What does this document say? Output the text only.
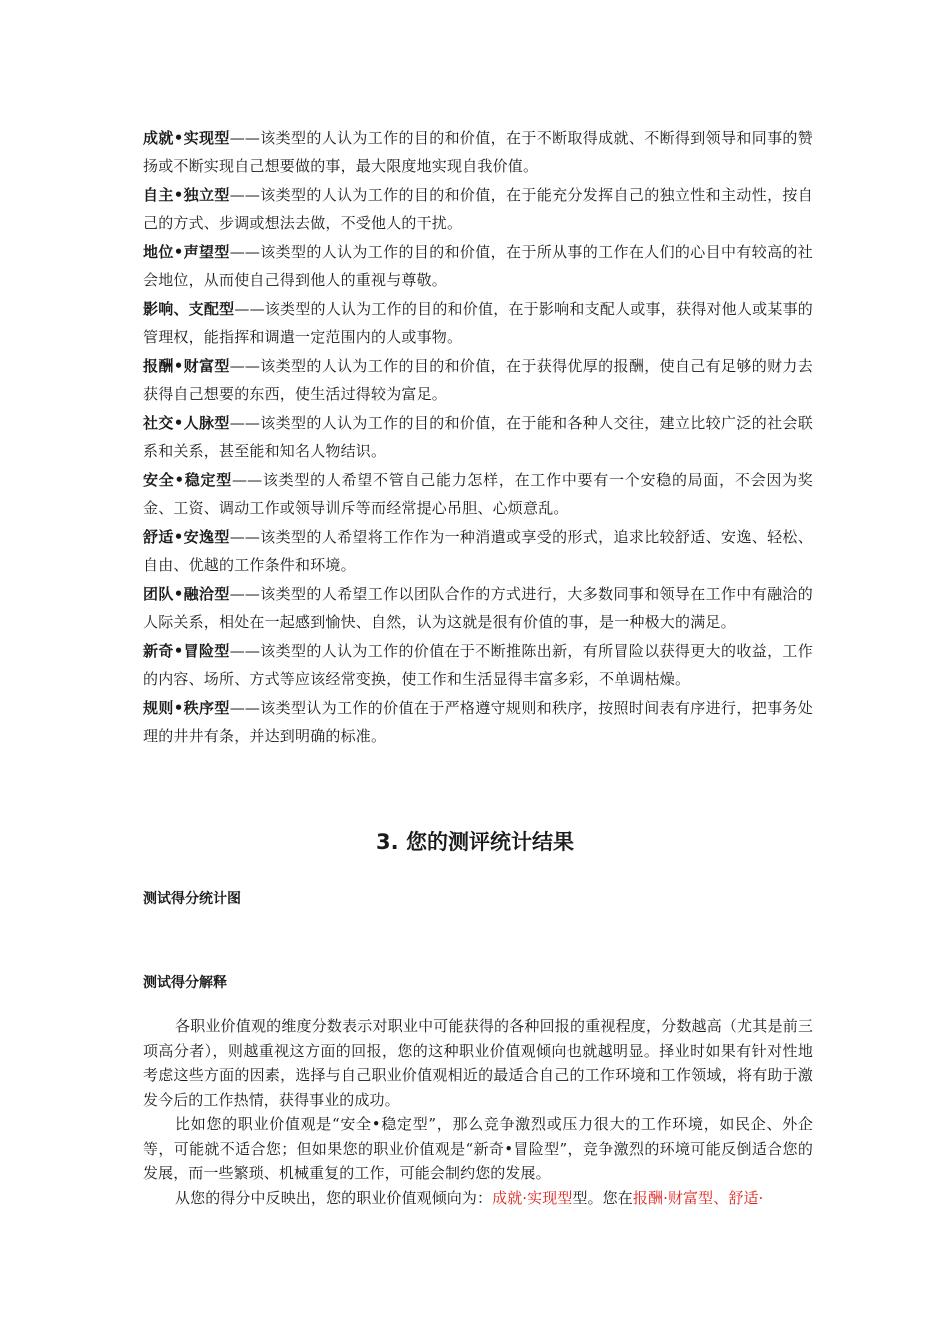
成就•实现型——该类型的人认为工作的目的和价值，在于不断取得成就、不断得到领导和同事的赞扬或不断实现自己想要做的事，最大限度地实现自我价值。

自主•独立型——该类型的人认为工作的目的和价值，在于能充分发挥自己的独立性和主动性，按自己的方式、步调或想法去做，不受他人的干扰。

地位•声望型——该类型的人认为工作的目的和价值，在于所从事的工作在人们的心目中有较高的社会地位，从而使自己得到他人的重视与尊敬。

影响、支配型——该类型的人认为工作的目的和价值，在于影响和支配人或事，获得对他人或某事的管理权，能指挥和调遣一定范围内的人或事物。

报酬•财富型——该类型的人认为工作的目的和价值，在于获得优厚的报酬，使自己有足够的财力去获得自己想要的东西，使生活过得较为富足。

社交•人脉型——该类型的人认为工作的目的和价值，在于能和各种人交往，建立比较广泛的社会联系和关系，甚至能和知名人物结识。

安全•稳定型——该类型的人希望不管自己能力怎样，在工作中要有一个安稳的局面，不会因为奖金、工资、调动工作或领导训斥等而经常提心吊胆、心烦意乱。

舒适•安逸型——该类型的人希望将工作作为一种消遣或享受的形式，追求比较舒适、安逸、轻松、自由、优越的工作条件和环境。

团队•融洽型——该类型的人希望工作以团队合作的方式进行，大多数同事和领导在工作中有融洽的人际关系，相处在一起感到愉快、自然，认为这就是很有价值的事，是一种极大的满足。

新奇•冒险型——该类型的人认为工作的价值在于不断推陈出新，有所冒险以获得更大的收益，工作的内容、场所、方式等应该经常变换，使工作和生活显得丰富多彩，不单调枯燥。

规则•秩序型——该类型认为工作的价值在于严格遵守规则和秩序，按照时间表有序进行，把事务处理的井井有条，并达到明确的标准。

3. 您的测评统计结果
测试得分统计图
测试得分解释

各职业价值观的维度分数表示对职业中可能获得的各种回报的重视程度，分数越高（尤其是前三项高分者），则越重视这方面的回报，您的这种职业价值观倾向也就越明显。择业时如果有针对性地考虑这些方面的因素，选择与自己职业价值观相近的最适合自己的工作环境和工作领域，将有助于激发今后的工作热情，获得事业的成功。

比如您的职业价值观是“安全•稳定型”，那么竞争激烈或压力很大的工作环境，如民企、外企等，可能就不适合您；但如果您的职业价值观是“新奇•冒险型”，竞争激烈的环境可能反倒适合您的发展，而一些繁琐、机械重复的工作，可能会制约您的发展。

从您的得分中反映出，您的职业价值观倾向为：成就·实现型型。您在报酬·财富型、舒适·
